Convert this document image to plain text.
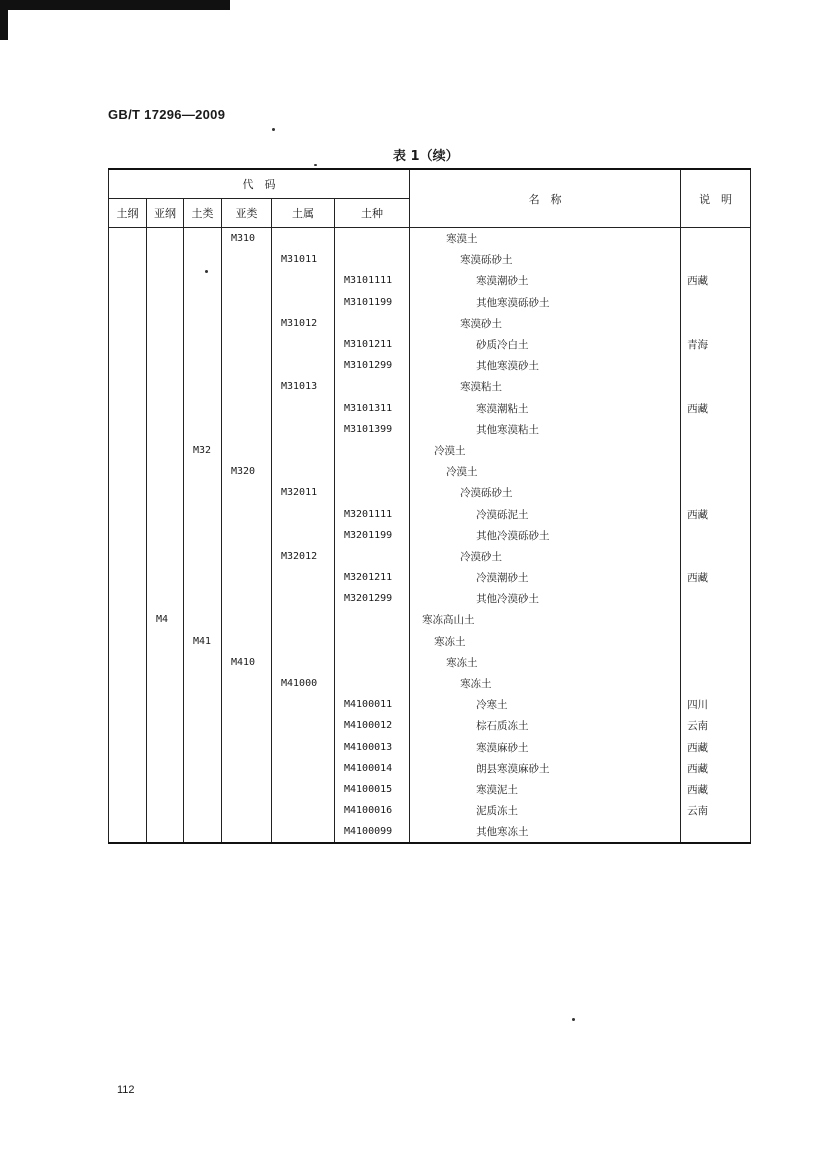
GB/T 17296—2009
表 1（续）
代　码						名　称	说　明
土纲	亚纲	土类	亚类	土属	土种		
			M310			寒漠土	
				M31011		寒漠砾砂土	
					M3101111	寒漠潮砂土	西藏
					M3101199	其他寒漠砾砂土	
				M31012		寒漠砂土	
					M3101211	砂质冷白土	青海
					M3101299	其他寒漠砂土	
				M31013		寒漠粘土	
					M3101311	寒漠潮粘土	西藏
					M3101399	其他寒漠粘土	
		M32				冷漠土	
			M320			冷漠土	
				M32011		冷漠砾砂土	
					M3201111	冷漠砾泥土	西藏
					M3201199	其他冷漠砾砂土	
				M32012		冷漠砂土	
					M3201211	冷漠潮砂土	西藏
					M3201299	其他冷漠砂土	
	M4					寒冻高山土	
		M41				寒冻土	
			M410			寒冻土	
				M41000		寒冻土	
					M4100011	冷寒土	四川
					M4100012	棕石质冻土	云南
					M4100013	寒漠麻砂土	西藏
					M4100014	朗县寒漠麻砂土	西藏
					M4100015	寒漠泥土	西藏
					M4100016	泥质冻土	云南
					M4100099	其他寒冻土	
112
